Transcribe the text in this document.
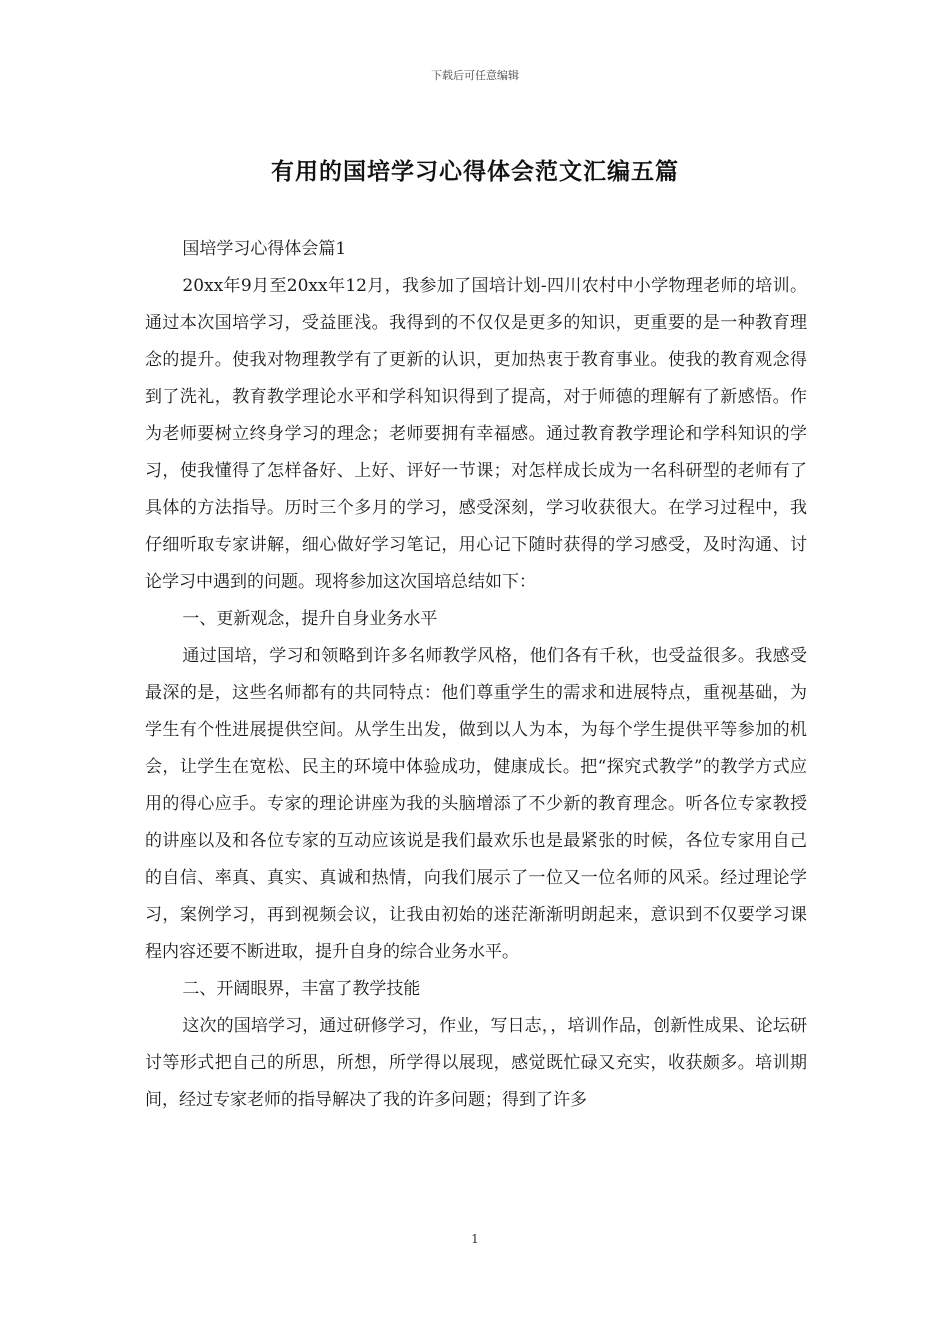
下载后可任意编辑
有用的国培学习心得体会范文汇编五篇

国培学习心得体会篇1

20xx年9月至20xx年12月，我参加了国培计划-四川农村中小学物理老师的培训。通过本次国培学习，受益匪浅。我得到的不仅仅是更多的知识，更重要的是一种教育理念的提升。使我对物理教学有了更新的认识，更加热衷于教育事业。使我的教育观念得到了洗礼，教育教学理论水平和学科知识得到了提高，对于师德的理解有了新感悟。作为老师要树立终身学习的理念；老师要拥有幸福感。通过教育教学理论和学科知识的学习，使我懂得了怎样备好、上好、评好一节课；对怎样成长成为一名科研型的老师有了具体的方法指导。历时三个多月的学习，感受深刻，学习收获很大。在学习过程中，我仔细听取专家讲解，细心做好学习笔记，用心记下随时获得的学习感受，及时沟通、讨论学习中遇到的问题。现将参加这次国培总结如下：

一、更新观念，提升自身业务水平

通过国培，学习和领略到许多名师教学风格，他们各有千秋，也受益很多。我感受最深的是，这些名师都有的共同特点：他们尊重学生的需求和进展特点，重视基础，为学生有个性进展提供空间。从学生出发，做到以人为本，为每个学生提供平等参加的机会，让学生在宽松、民主的环境中体验成功，健康成长。把“探究式教学”的教学方式应用的得心应手。专家的理论讲座为我的头脑增添了不少新的教育理念。听各位专家教授的讲座以及和各位专家的互动应该说是我们最欢乐也是最紧张的时候，各位专家用自己的自信、率真、真实、真诚和热情，向我们展示了一位又一位名师的风采。经过理论学习，案例学习，再到视频会议，让我由初始的迷茫渐渐明朗起来，意识到不仅要学习课程内容还要不断进取，提升自身的综合业务水平。

二、开阔眼界，丰富了教学技能

这次的国培学习，通过研修学习，作业，写日志，，培训作品，创新性成果、论坛研讨等形式把自己的所思，所想，所学得以展现，感觉既忙碌又充实，收获颇多。培训期间，经过专家老师的指导解决了我的许多问题；得到了许多

1
